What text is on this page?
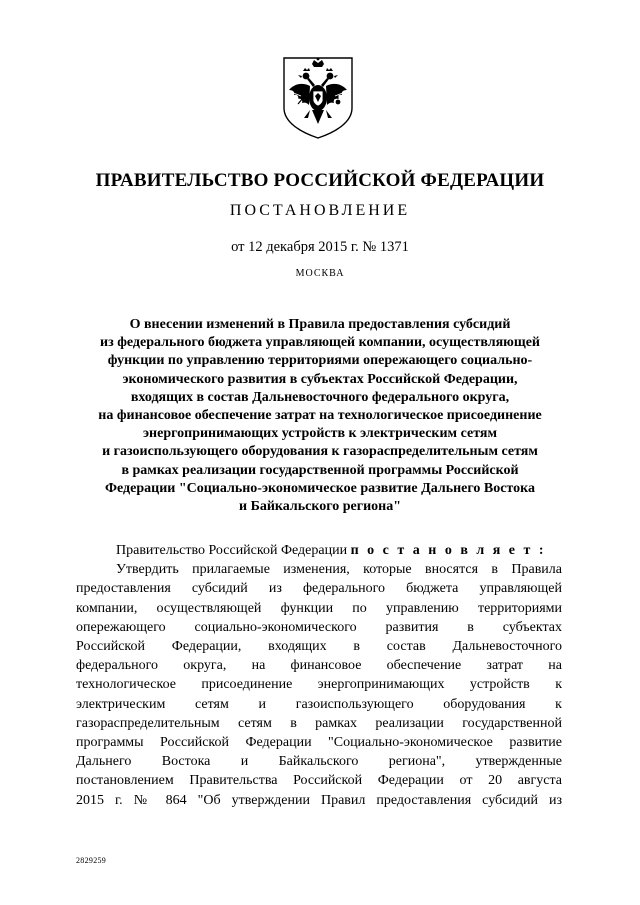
ПРАВИТЕЛЬСТВО РОССИЙСКОЙ ФЕДЕРАЦИИ
ПОСТАНОВЛЕНИЕ
от 12 декабря 2015 г. № 1371
МОСКВА
О внесении изменений в Правила предоставления субсидий
из федерального бюджета управляющей компании, осуществляющей
функции по управлению территориями опережающего социально-
экономического развития в субъектах Российской Федерации,
входящих в состав Дальневосточного федерального округа,
на финансовое обеспечение затрат на технологическое присоединение
энергопринимающих устройств к электрическим сетям
и газоиспользующего оборудования к газораспределительным сетям
в рамках реализации государственной программы Российской
Федерации "Социально-экономическое развитие Дальнего Востока
и Байкальского региона"
Правительство Российской Федерации п о с т а н о в л я е т :
Утвердить прилагаемые изменения, которые вносятся в Правила
предоставления субсидий из федерального бюджета управляющей
компании, осуществляющей функции по управлению территориями
опережающего социально-экономического развития в субъектах
Российской Федерации, входящих в состав Дальневосточного
федерального округа, на финансовое обеспечение затрат на
технологическое присоединение энергопринимающих устройств к
электрическим сетям и газоиспользующего оборудования к
газораспределительным сетям в рамках реализации государственной
программы Российской Федерации "Социально-экономическое развитие
Дальнего Востока и Байкальского региона", утвержденные
постановлением Правительства Российской Федерации от 20 августа
2015 г. № 864 "Об утверждении Правил предоставления субсидий из
2829259
